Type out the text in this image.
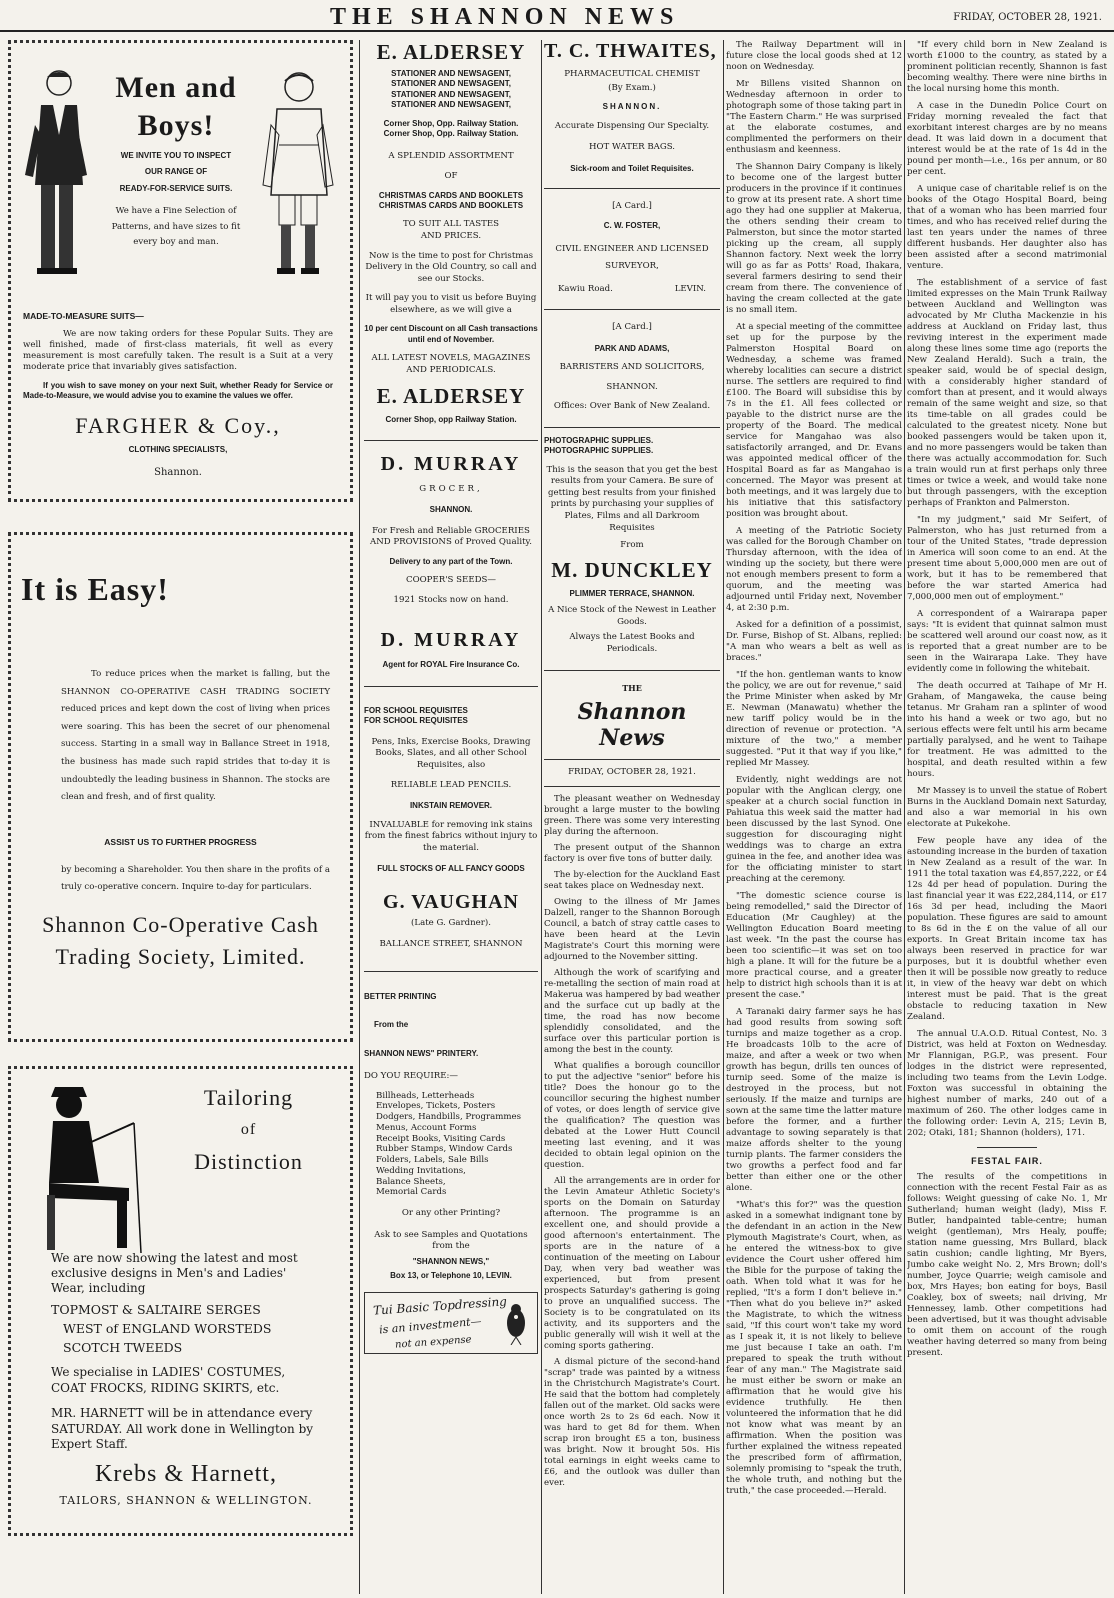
THE SHANNON NEWS	FRIDAY, OCTOBER 28, 1921.
Men and
Boys!
WE INVITE YOU TO INSPECT
OUR RANGE OF
READY-FOR-SERVICE SUITS.
We have a Fine Selection of
Patterns, and have sizes to fit
every boy and man.
MADE-TO-MEASURE SUITS—

We are now taking orders for these Popular Suits. They are well finished, made of first-class materials, fit well as every measurement is most carefully taken. The result is a Suit at a very moderate price that invariably gives satisfaction.

If you wish to save money on your next Suit, whether Ready for Service or Made-to-Measure, we would advise you to examine the values we offer.

FARGHER & Coy.,
CLOTHING SPECIALISTS,
Shannon.
It is Easy!

To reduce prices when the market is falling, but the SHANNON CO-OPERATIVE CASH TRADING SOCIETY reduced prices and kept down the cost of living when prices were soaring. This has been the secret of our phenomenal success. Starting in a small way in Ballance Street in 1918, the business has made such rapid strides that to-day it is undoubtedly the leading business in Shannon. The stocks are clean and fresh, and of first quality.

ASSIST US TO FURTHER PROGRESS

by becoming a Shareholder. You then share in the profits of a truly co-operative concern. Inquire to-day for particulars.

Shannon Co-Operative Cash
Trading Society, Limited.
Tailoring
of
Distinction
We are now showing the latest and most exclusive designs in Men's and Ladies' Wear, including
TOPMOST & SALTAIRE SERGES
WEST of ENGLAND WORSTEDS
SCOTCH TWEEDS
We specialise in LADIES' COSTUMES, COAT FROCKS, RIDING SKIRTS, etc.
MR. HARNETT will be in attendance every SATURDAY. All work done in Wellington by Expert Staff.
Krebs & Harnett,
TAILORS, SHANNON & WELLINGTON.
E. ALDERSEY
STATIONER AND NEWSAGENT,
STATIONER AND NEWSAGENT,
STATIONER AND NEWSAGENT,
STATIONER AND NEWSAGENT,
Corner Shop, Opp. Railway Station.
Corner Shop, Opp. Railway Station.
A SPLENDID ASSORTMENT
OF
CHRISTMAS CARDS AND BOOKLETS
CHRISTMAS CARDS AND BOOKLETS
TO SUIT ALL TASTES AND PRICES.
Now is the time to post for Christmas Delivery in the Old Country, so call and see our Stocks.
It will pay you to visit us before Buying elsewhere, as we will give a
10 per cent Discount on all Cash transactions until end of November.
ALL LATEST NOVELS, MAGAZINES AND PERIODICALS.
E. ALDERSEY
Corner Shop, opp Railway Station.
D. MURRAY
GROCER,
SHANNON.
For Fresh and Reliable GROCERIES AND PROVISIONS of Proved Quality.
Delivery to any part of the Town.
COOPER'S SEEDS—
1921 Stocks now on hand.
D. MURRAY
Agent for ROYAL Fire Insurance Co.
FOR SCHOOL REQUISITES
FOR SCHOOL REQUISITES
Pens, Inks, Exercise Books, Drawing Books, Slates, and all other School Requisites, also
RELIABLE LEAD PENCILS.
INKSTAIN REMOVER.
INVALUABLE for removing ink stains from the finest fabrics without injury to the material.
FULL STOCKS OF ALL FANCY GOODS
G. VAUGHAN
(Late G. Gardner).
BALLANCE STREET, SHANNON
BETTER PRINTING
From the
SHANNON NEWS" PRINTERY.
DO YOU REQUIRE:—
Billheads, Letterheads
Envelopes, Tickets, Posters
Dodgers, Handbills, Programmes
Menus, Account Forms
Receipt Books, Visiting Cards
Rubber Stamps, Window Cards
Folders, Labels, Sale Bills
Wedding Invitations,
Balance Sheets,
Memorial Cards
Or any other Printing?
Ask to see Samples and Quotations from the
"SHANNON NEWS,"
Box 13, or Telephone 10, LEVIN.
Tui Basic Topdressing
is an investment—
not an expense
T. C. THWAITES,
PHARMACEUTICAL CHEMIST
(By Exam.)
SHANNON.
Accurate Dispensing Our Specialty.
HOT WATER BAGS.
Sick-room and Toilet Requisites.
[A Card.]
C. W. FOSTER,
CIVIL ENGINEER AND LICENSED SURVEYOR,
Kawiu Road.	LEVIN.
[A Card.]
PARK AND ADAMS,
BARRISTERS AND SOLICITORS,
SHANNON.
Offices: Over Bank of New Zealand.
PHOTOGRAPHIC SUPPLIES.
PHOTOGRAPHIC SUPPLIES.
This is the season that you get the best results from your Camera. Be sure of getting best results from your finished prints by purchasing your supplies of Plates, Films and all Darkroom Requisites
From
M. DUNCKLEY
PLIMMER TERRACE, SHANNON.
A Nice Stock of the Newest in Leather Goods.
Always the Latest Books and Periodicals.
THE
Shannon News
FRIDAY, OCTOBER 28, 1921.

The pleasant weather on Wednesday brought a large muster to the bowling green. There was some very interesting play during the afternoon.

The present output of the Shannon factory is over five tons of butter daily.

The by-election for the Auckland East seat takes place on Wednesday next.

Owing to the illness of Mr James Dalzell, ranger to the Shannon Borough Council, a batch of stray cattle cases to have been heard at the Levin Magistrate's Court this morning were adjourned to the November sitting.

Although the work of scarifying and re-metalling the section of main road at Makerua was hampered by bad weather and the surface cut up badly at the time, the road has now become splendidly consolidated, and the surface over this particular portion is among the best in the county.

What qualifies a borough councillor to put the adjective "senior" before his title? Does the honour go to the councillor securing the highest number of votes, or does length of service give the qualification? The question was debated at the Lower Hutt Council meeting last evening, and it was decided to obtain legal opinion on the question.

All the arrangements are in order for the Levin Amateur Athletic Society's sports on the Domain on Saturday afternoon. The programme is an excellent one, and should provide a good afternoon's entertainment. The sports are in the nature of a continuation of the meeting on Labour Day, when very bad weather was experienced, but from present prospects Saturday's gathering is going to prove an unqualified success. The Society is to be congratulated on its activity, and its supporters and the public generally will wish it well at the coming sports gathering.

A dismal picture of the second-hand "scrap" trade was painted by a witness in the Christchurch Magistrate's Court. He said that the bottom had completely fallen out of the market. Old sacks were once worth 2s to 2s 6d each. Now it was hard to get 8d for them. When scrap iron brought £5 a ton, business was bright. Now it brought 50s. His total earnings in eight weeks came to £6, and the outlook was duller than ever.

The Railway Department will in future close the local goods shed at 12 noon on Wednesday.

Mr Billens visited Shannon on Wednesday afternoon in order to photograph some of those taking part in "The Eastern Charm." He was surprised at the elaborate costumes, and complimented the performers on their enthusiasm and keenness.

The Shannon Dairy Company is likely to become one of the largest butter producers in the province if it continues to grow at its present rate. A short time ago they had one supplier at Makerua, the others sending their cream to Palmerston, but since the motor started picking up the cream, all supply Shannon factory. Next week the lorry will go as far as Potts' Road, Ihakara, several farmers desiring to send their cream from there. The convenience of having the cream collected at the gate is no small item.

At a special meeting of the committee set up for the purpose by the Palmerston Hospital Board on Wednesday, a scheme was framed whereby localities can secure a district nurse. The settlers are required to find £100. The Board will subsidise this by 7s in the £1. All fees collected or payable to the district nurse are the property of the Board. The medical service for Mangahao was also satisfactorily arranged, and Dr. Evans was appointed medical officer of the Hospital Board as far as Mangahao is concerned. The Mayor was present at both meetings, and it was largely due to his initiative that this satisfactory position was brought about.

A meeting of the Patriotic Society was called for the Borough Chamber on Thursday afternoon, with the idea of winding up the society, but there were not enough members present to form a quorum, and the meeting was adjourned until Friday next, November 4, at 2:30 p.m.

Asked for a definition of a possimist, Dr. Furse, Bishop of St. Albans, replied: "A man who wears a belt as well as braces."

"If the hon. gentleman wants to know the policy, we are out for revenue," said the Prime Minister when asked by Mr E. Newman (Manawatu) whether the new tariff policy would be in the direction of revenue or protection. "A mixture of the two," a member suggested. "Put it that way if you like," replied Mr Massey.

Evidently, night weddings are not popular with the Anglican clergy, one speaker at a church social function in Pahiatua this week said the matter had been discussed by the last Synod. One suggestion for discouraging night weddings was to charge an extra guinea in the fee, and another idea was for the officiating minister to start preaching at the ceremony.

"The domestic science course is being remodelled," said the Director of Education (Mr Caughley) at the Wellington Education Board meeting last week. "In the past the course has been too scientific—it was set on too high a plane. It will for the future be a more practical course, and a greater help to district high schools than it is at present the case."

A Taranaki dairy farmer says he has had good results from sowing soft turnips and maize together as a crop. He broadcasts 10lb to the acre of maize, and after a week or two when growth has begun, drills ten ounces of turnip seed. Some of the maize is destroyed in the process, but not seriously. If the maize and turnips are sown at the same time the latter mature before the former, and a further advantage to sowing separately is that maize affords shelter to the young turnip plants. The farmer considers the two growths a perfect food and far better than either one or the other alone.

"What's this for?" was the question asked in a somewhat indignant tone by the defendant in an action in the New Plymouth Magistrate's Court, when, as he entered the witness-box to give evidence the Court usher offered him the Bible for the purpose of taking the oath. When told what it was for he replied, "It's a form I don't believe in." "Then what do you believe in?" asked the Magistrate, to which the witness said, "If this court won't take my word as I speak it, it is not likely to believe me just because I take an oath. I'm prepared to speak the truth without fear of any man." The Magistrate said he must either be sworn or make an affirmation that he would give his evidence truthfully. He then volunteered the information that he did not know what was meant by an affirmation. When the position was further explained the witness repeated the prescribed form of affirmation, solemnly promising to "speak the truth, the whole truth, and nothing but the truth," the case proceeded.—Herald.

"If every child born in New Zealand is worth £1000 to the country, as stated by a prominent politician recently, Shannon is fast becoming wealthy. There were nine births in the local nursing home this month.

A case in the Dunedin Police Court on Friday morning revealed the fact that exorbitant interest charges are by no means dead. It was laid down in a document that interest would be at the rate of 1s 4d in the pound per month—i.e., 16s per annum, or 80 per cent.

A unique case of charitable relief is on the books of the Otago Hospital Board, being that of a woman who has been married four times, and who has received relief during the last ten years under the names of three different husbands. Her daughter also has been assisted after a second matrimonial venture.

The establishment of a service of fast limited expresses on the Main Trunk Railway between Auckland and Wellington was advocated by Mr Clutha Mackenzie in his address at Auckland on Friday last, thus reviving interest in the experiment made along these lines some time ago (reports the New Zealand Herald). Such a train, the speaker said, would be of special design, with a considerably higher standard of comfort than at present, and it would always remain of the same weight and size, so that its time-table on all grades could be calculated to the greatest nicety. None but booked passengers would be taken upon it, and no more passengers would be taken than there was actually accommodation for. Such a train would run at first perhaps only three times or twice a week, and would take none but through passengers, with the exception perhaps of Frankton and Palmerston.

"In my judgment," said Mr Seifert, of Palmerston, who has just returned from a tour of the United States, "trade depression in America will soon come to an end. At the present time about 5,000,000 men are out of work, but it has to be remembered that before the war started America had 7,000,000 men out of employment."

A correspondent of a Wairarapa paper says: "It is evident that quinnat salmon must be scattered well around our coast now, as it is reported that a great number are to be seen in the Wairarapa Lake. They have evidently come in following the whitebait.

The death occurred at Taihape of Mr H. Graham, of Mangaweka, the cause being tetanus. Mr Graham ran a splinter of wood into his hand a week or two ago, but no serious effects were felt until his arm became partially paralysed, and he went to Taihape for treatment. He was admitted to the hospital, and death resulted within a few hours.

Mr Massey is to unveil the statue of Robert Burns in the Auckland Domain next Saturday, and also a war memorial in his own electorate at Pukekohe.

Few people have any idea of the astounding increase in the burden of taxation in New Zealand as a result of the war. In 1911 the total taxation was £4,857,222, or £4 12s 4d per head of population. During the last financial year it was £22,284,114, or £17 16s 3d per head, including the Maori population. These figures are said to amount to 8s 6d in the £ on the value of all our exports. In Great Britain income tax has always been reserved in practice for war purposes, but it is doubtful whether even then it will be possible now greatly to reduce it, in view of the heavy war debt on which interest must be paid. That is the great obstacle to reducing taxation in New Zealand.

The annual U.A.O.D. Ritual Contest, No. 3 District, was held at Foxton on Wednesday. Mr Flannigan, P.G.P., was present. Four lodges in the district were represented, including two teams from the Levin Lodge. Foxton was successful in obtaining the highest number of marks, 240 out of a maximum of 260. The other lodges came in the following order: Levin A, 215; Levin B, 202; Otaki, 181; Shannon (holders), 171.

FESTAL FAIR.

The results of the competitions in connection with the recent Festal Fair as as follows: Weight guessing of cake No. 1, Mr Sutherland; human weight (lady), Miss F. Butler, handpainted table-centre; human weight (gentleman), Mrs Healy, pouffe; station name guessing, Mrs Bullard, black satin cushion; candle lighting, Mr Byers, Jumbo cake weight No. 2, Mrs Brown; doll's number, Joyce Quarrie; weigh camisole and box, Mrs Hayes; bon eating for boys, Basil Coakley, box of sweets; nail driving, Mr Hennessey, lamb. Other competitions had been advertised, but it was thought advisable to omit them on account of the rough weather having deterred so many from being present.
